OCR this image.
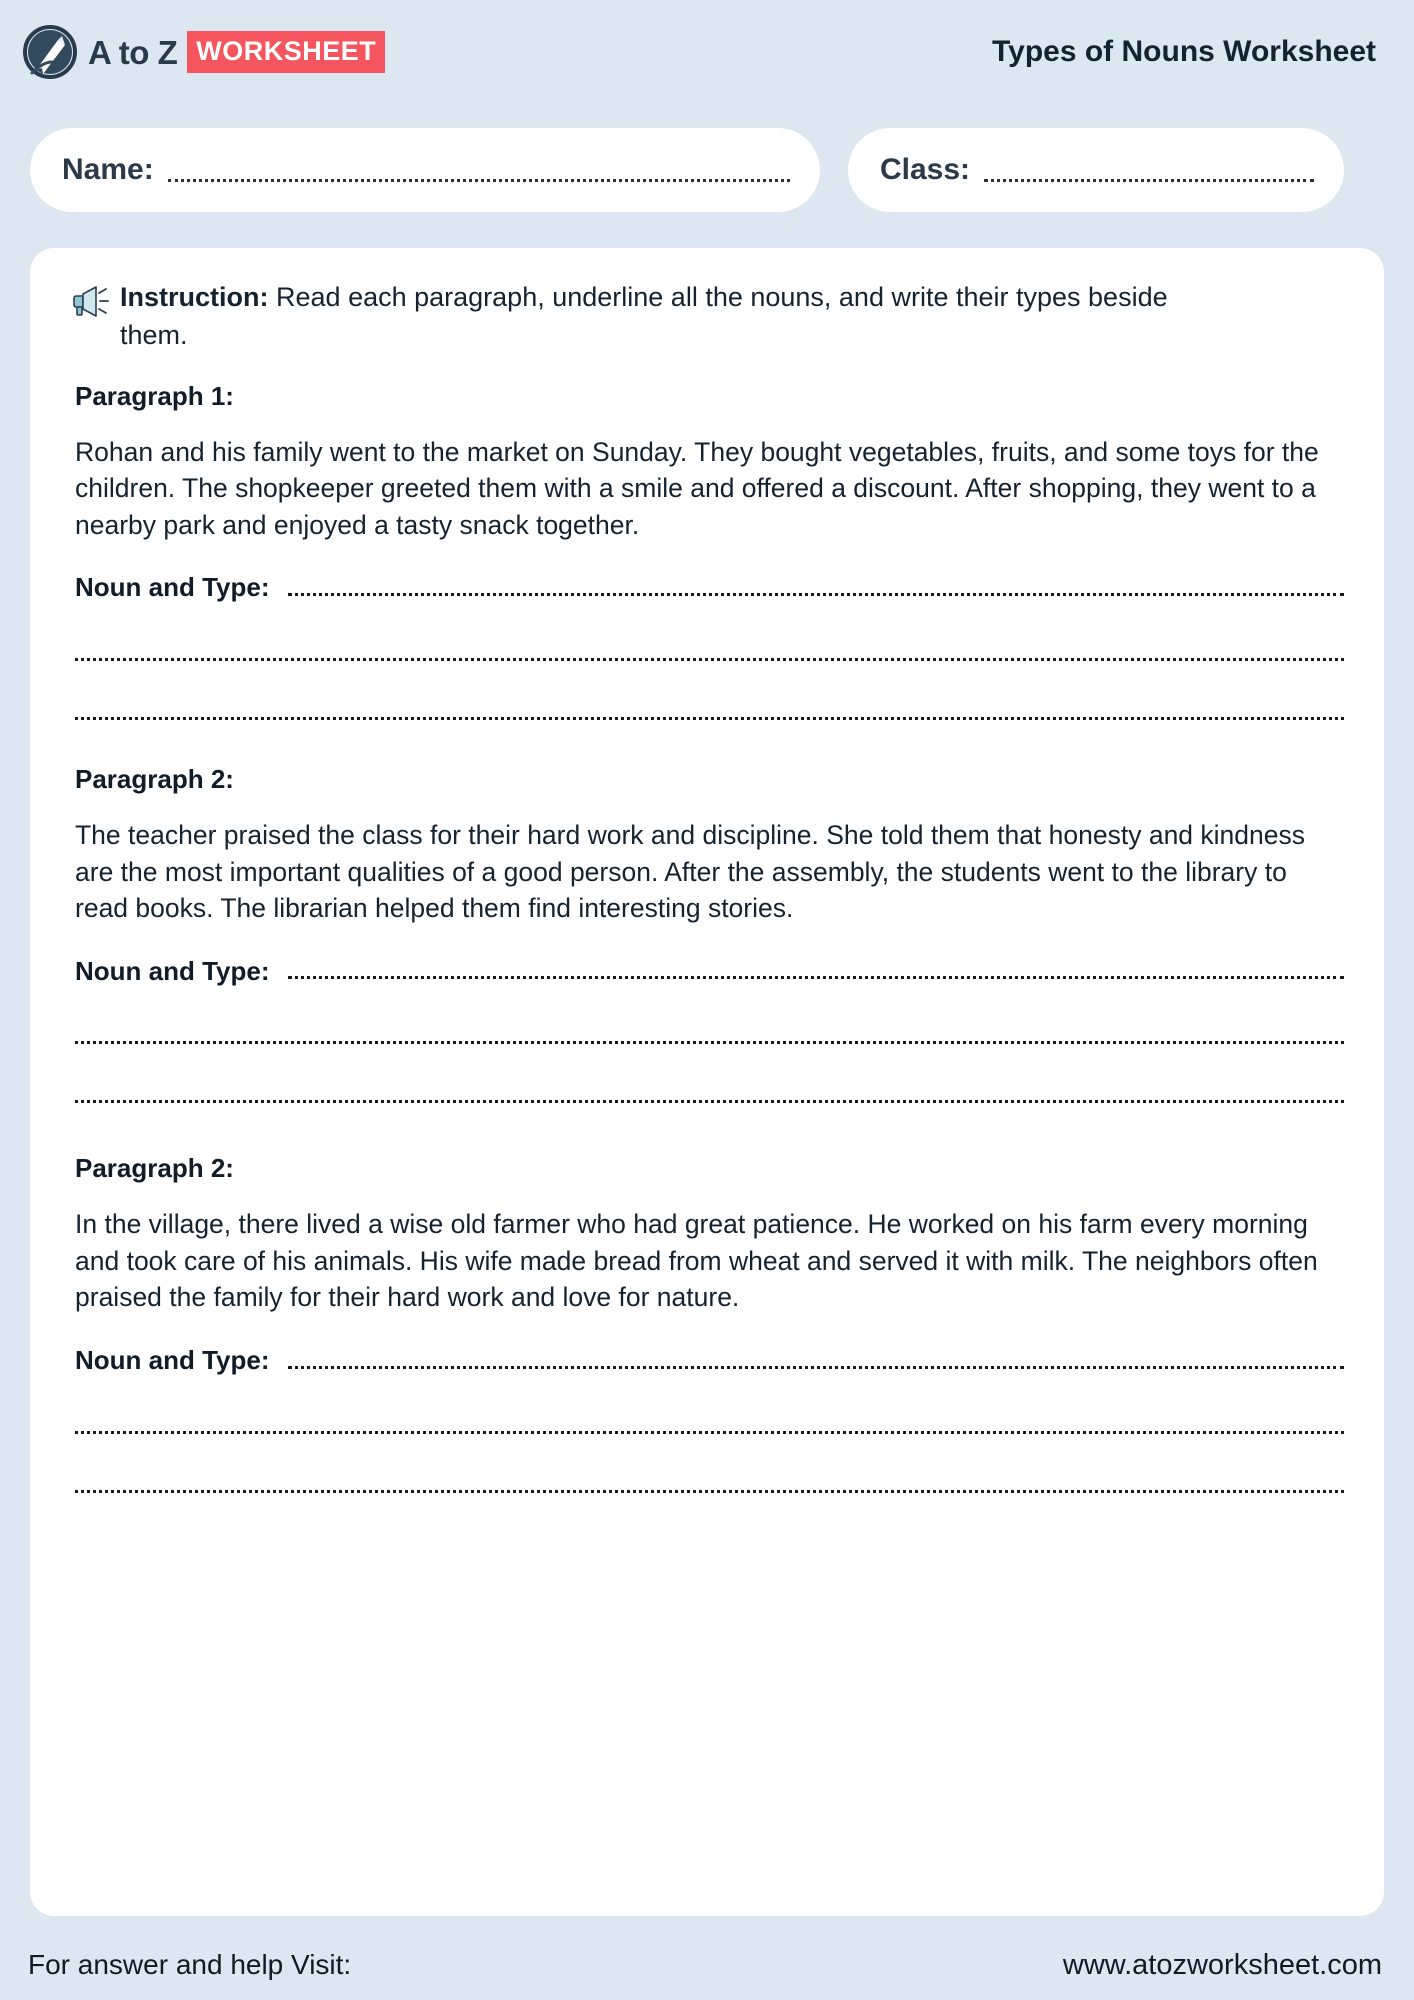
A to Z WORKSHEET	Types of Nouns Worksheet
Name:	Class:
Instruction: Read each paragraph, underline all the nouns, and write their types beside them.
Paragraph 1:

Rohan and his family went to the market on Sunday. They bought vegetables, fruits, and some toys for the children. The shopkeeper greeted them with a smile and offered a discount. After shopping, they went to a nearby park and enjoyed a tasty snack together.

Noun and Type:
Paragraph 2:

The teacher praised the class for their hard work and discipline. She told them that honesty and kindness are the most important qualities of a good person. After the assembly, the students went to the library to read books. The librarian helped them find interesting stories.

Noun and Type:
Paragraph 2:

In the village, there lived a wise old farmer who had great patience. He worked on his farm every morning and took care of his animals. His wife made bread from wheat and served it with milk. The neighbors often praised the family for their hard work and love for nature.

Noun and Type:
For answer and help Visit:	www.atozworksheet.com
